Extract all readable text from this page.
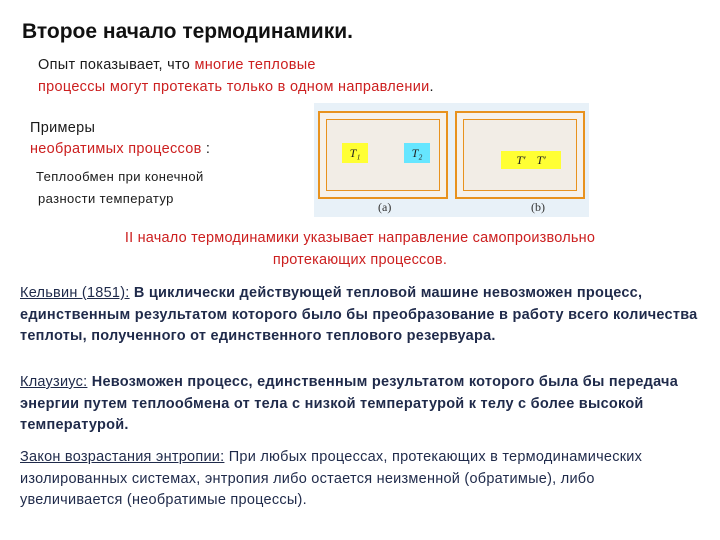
Второе начало термодинамики.
Опыт показывает, что многие тепловые
процессы могут протекать только в одном направлении.
Примеры
необратимых процессов :
Теплообмен при конечной
разности температур
T₁	T₂
(a)
T′ T′
(b)
II начало термодинамики указывает направление самопроизвольно
протекающих процессов.
Кельвин (1851): В циклически действующей тепловой машине невозможен процесс, единственным результатом которого было бы преобразование в работу всего количества теплоты, полученного от единственного теплового резервуара.
Клаузиус: Невозможен процесс, единственным результатом которого была бы передача энергии путем теплообмена от тела с низкой температурой к телу с более высокой температурой.
Закон возрастания энтропии: При любых процессах, протекающих в термодинамических изолированных системах, энтропия либо остается неизменной (обратимые), либо увеличивается (необратимые процессы).
